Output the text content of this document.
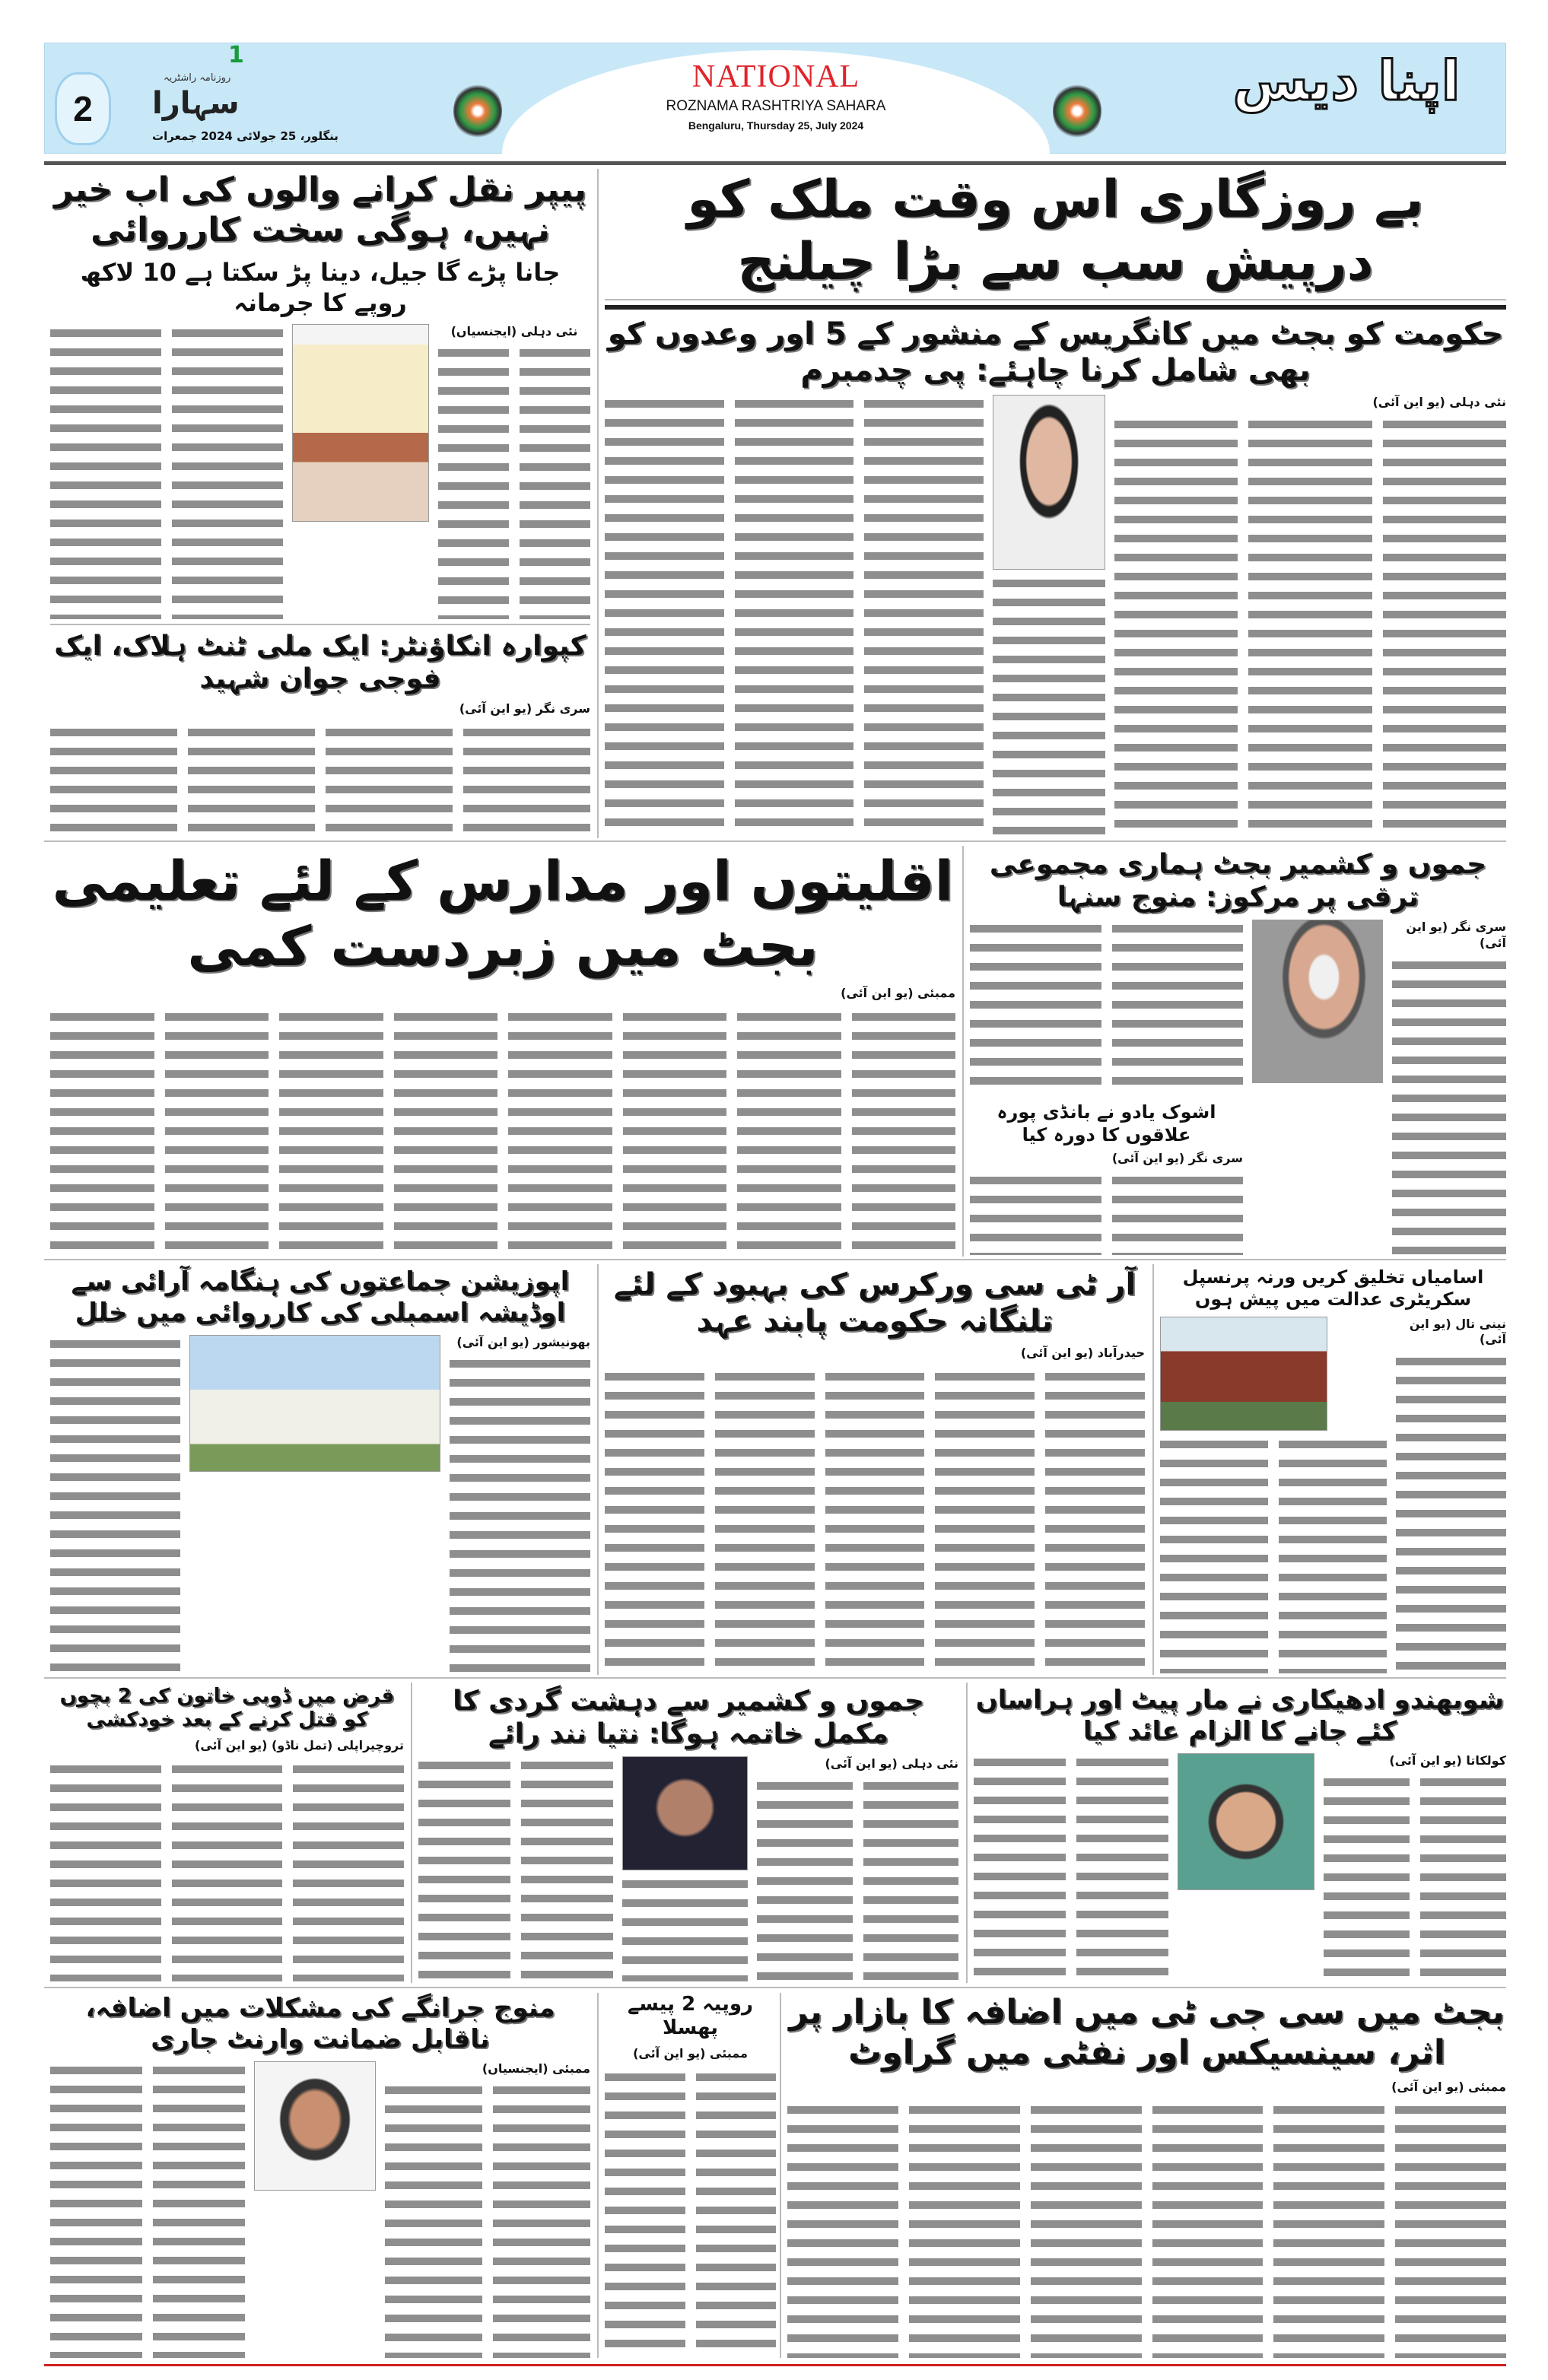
NATIONAL
ROZNAMA RASHTRIYA SAHARA
Bengaluru, Thursday 25, July 2024
2
1
روزنامہ راشٹریہ
سہارا
بنگلور، 25 جولائی 2024 جمعرات
اپنا دیس
پیپر نقل کرانے والوں کی اب خیر نہیں، ہوگی سخت کارروائی
جانا پڑے گا جیل، دینا پڑ سکتا ہے 10 لاکھ روپے کا جرمانہ
نئی دہلی (ایجنسیاں)
کپوارہ انکاؤنٹر: ایک ملی ٹنٹ ہلاک، ایک فوجی جوان شہید
سری نگر (یو این آئی)
بے روزگاری اس وقت ملک کو درپیش سب سے بڑا چیلنج
حکومت کو بجٹ میں کانگریس کے منشور کے 5 اور وعدوں کو بھی شامل کرنا چاہئے: پی چدمبرم
نئی دہلی (یو این آئی)
اقلیتوں اور مدارس کے لئے تعلیمی بجٹ میں زبردست کمی
ممبئی (یو این آئی)
جموں و کشمیر بجٹ ہماری مجموعی ترقی پر مرکوز: منوج سنہا
سری نگر (یو این آئی)
اشوک یادو نے بانڈی پورہ علاقوں کا دورہ کیا
سری نگر (یو این آئی)
اپوزیشن جماعتوں کی ہنگامہ آرائی سے اوڈیشہ اسمبلی کی کارروائی میں خلل
بھونیشور (یو این آئی)
آر ٹی سی ورکرس کی بہبود کے لئے تلنگانہ حکومت پابند عہد
حیدرآباد (یو این آئی)
اسامیاں تخلیق کریں ورنہ پرنسپل سکریٹری عدالت میں پیش ہوں
نینی تال (یو این آئی)
قرض میں ڈوبی خاتون کی 2 بچوں کو قتل کرنے کے بعد خودکشی
تروچیراپلی (تمل ناڈو) (یو این آئی)
جموں و کشمیر سے دہشت گردی کا مکمل خاتمہ ہوگا: نتیا نند رائے
نئی دہلی (یو این آئی)
شوبھندو ادھیکاری نے مار پیٹ اور ہراساں کئے جانے کا الزام عائد کیا
کولکاتا (یو این آئی)
منوج جرانگے کی مشکلات میں اضافہ، ناقابل ضمانت وارنٹ جاری
ممبئی (ایجنسیاں)
روپیہ 2 پیسے پھسلا
ممبئی (یو این آئی)
بجٹ میں سی جی ٹی میں اضافہ کا بازار پر اثر، سینسیکس اور نفٹی میں گراوٹ
ممبئی (یو این آئی)
